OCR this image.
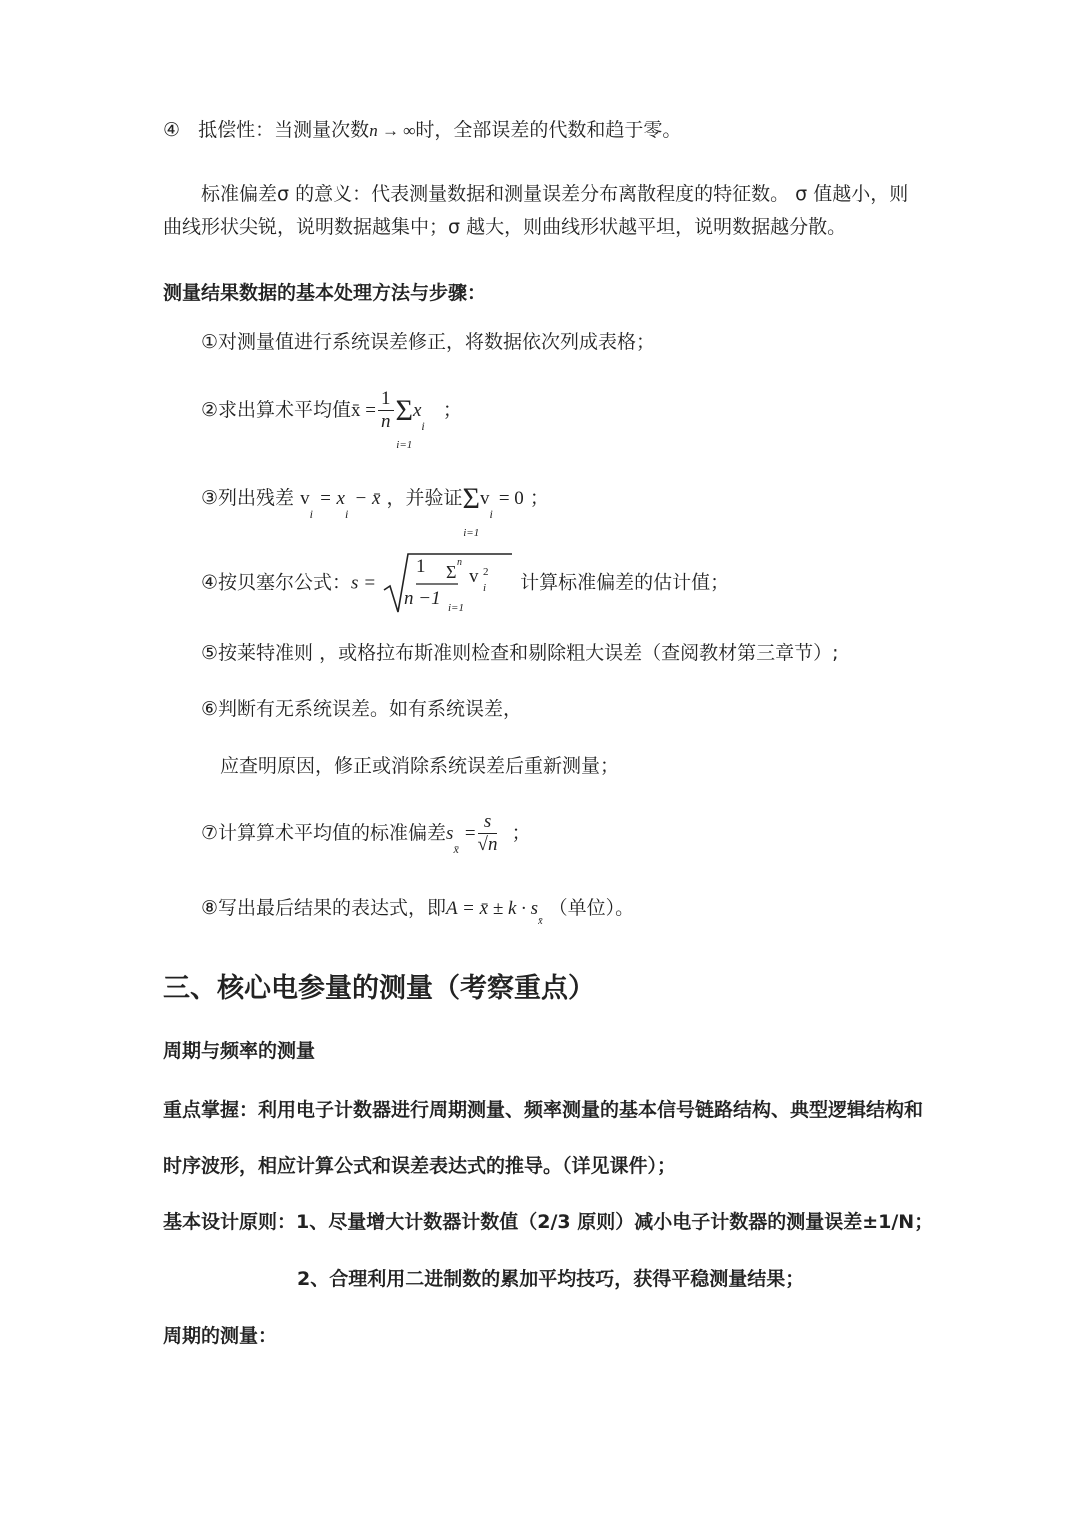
④ 抵偿性：当测量次数n → ∞时，全部误差的代数和趋于零。
标准偏差σ 的意义：代表测量数据和测量误差分布离散程度的特征数。 σ 值越小，则
曲线形状尖锐，说明数据越集中；σ 越大，则曲线形状越平坦，说明数据越分散。
测量结果数据的基本处理方法与步骤：
①对测量值进行系统误差修正，将数据依次列成表格；
②求出算术平均值x̄ = $\frac{1}{n}$ Σ
i=1
$x_i$   ；
③列出残差 $v_i = x_i$ − x̄ ，并验证Σ
i=1
$v_i = 0$ ；
④按贝塞尔公式：s =
1
n −1
Σ n
i=1
v 2
i 计算标准偏差的估计值；
⑤按莱特准则 ，或格拉布斯准则检查和剔除粗大误差（查阅教材第三章节）;
⑥判断有无系统误差。如有系统误差，
应查明原因，修正或消除系统误差后重新测量；
⑦计算算术平均值的标准偏差$s_{x̄} = \frac{s}{√n}$ ；
⑧写出最后结果的表达式，即A = x̄ ± $k \cdot s_{x̄}$ （单位）。
三、核心电参量的测量（考察重点）
周期与频率的测量
重点掌握：利用电子计数器进行周期测量、频率测量的基本信号链路结构、典型逻辑结构和
时序波形，相应计算公式和误差表达式的推导。（详见课件）；
基本设计原则：1、尽量增大计数器计数值（2/3 原则）减小电子计数器的测量误差±1/N；
2、合理利用二进制数的累加平均技巧，获得平稳测量结果；
周期的测量：
